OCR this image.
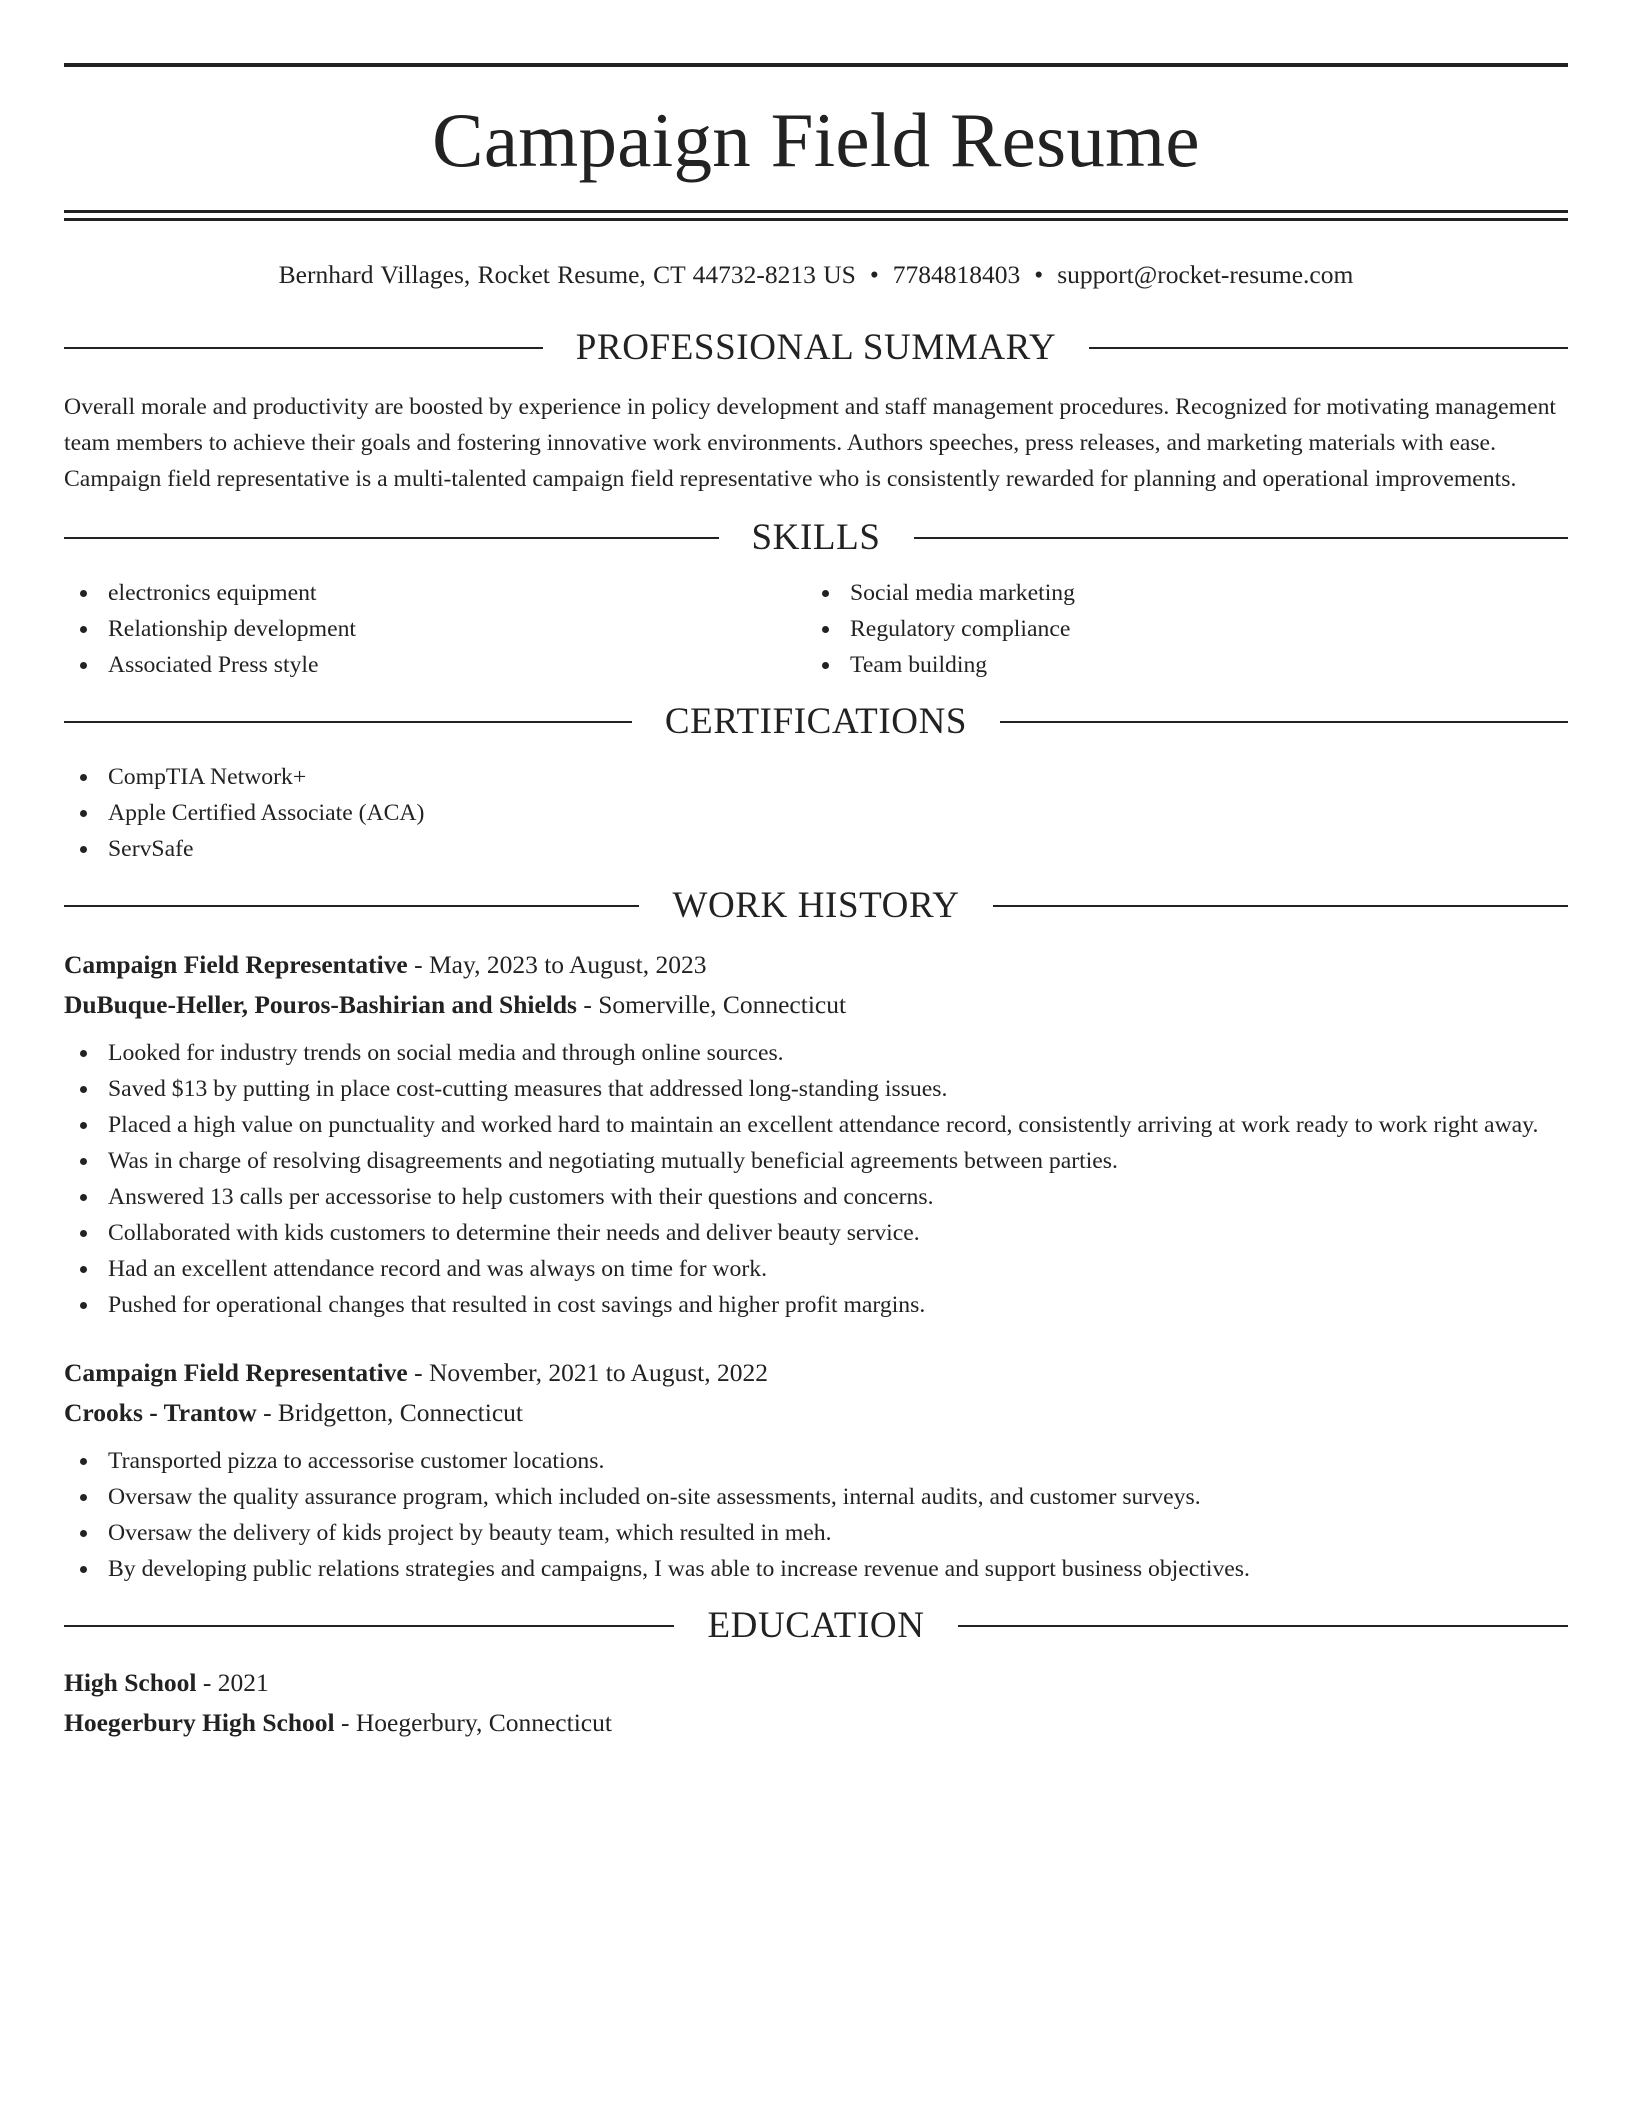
Campaign Field Resume
Bernhard Villages, Rocket Resume, CT 44732-8213 US • 7784818403 • support@rocket-resume.com
PROFESSIONAL SUMMARY

Overall morale and productivity are boosted by experience in policy development and staff management procedures. Recognized for motivating management team members to achieve their goals and fostering innovative work environments. Authors speeches, press releases, and marketing materials with ease. Campaign field representative is a multi-talented campaign field representative who is consistently rewarded for planning and operational improvements.

SKILLS
electronics equipment
Relationship development
Associated Press style
Social media marketing
Regulatory compliance
Team building
CERTIFICATIONS
CompTIA Network+
Apple Certified Associate (ACA)
ServSafe
WORK HISTORY
Campaign Field Representative - May, 2023 to August, 2023
DuBuque-Heller, Pouros-Bashirian and Shields - Somerville, Connecticut
Looked for industry trends on social media and through online sources.
Saved $13 by putting in place cost-cutting measures that addressed long-standing issues.
Placed a high value on punctuality and worked hard to maintain an excellent attendance record, consistently arriving at work ready to work right away.
Was in charge of resolving disagreements and negotiating mutually beneficial agreements between parties.
Answered 13 calls per accessorise to help customers with their questions and concerns.
Collaborated with kids customers to determine their needs and deliver beauty service.
Had an excellent attendance record and was always on time for work.
Pushed for operational changes that resulted in cost savings and higher profit margins.
Campaign Field Representative - November, 2021 to August, 2022
Crooks - Trantow - Bridgetton, Connecticut
Transported pizza to accessorise customer locations.
Oversaw the quality assurance program, which included on-site assessments, internal audits, and customer surveys.
Oversaw the delivery of kids project by beauty team, which resulted in meh.
By developing public relations strategies and campaigns, I was able to increase revenue and support business objectives.
EDUCATION
High School - 2021
Hoegerbury High School - Hoegerbury, Connecticut
